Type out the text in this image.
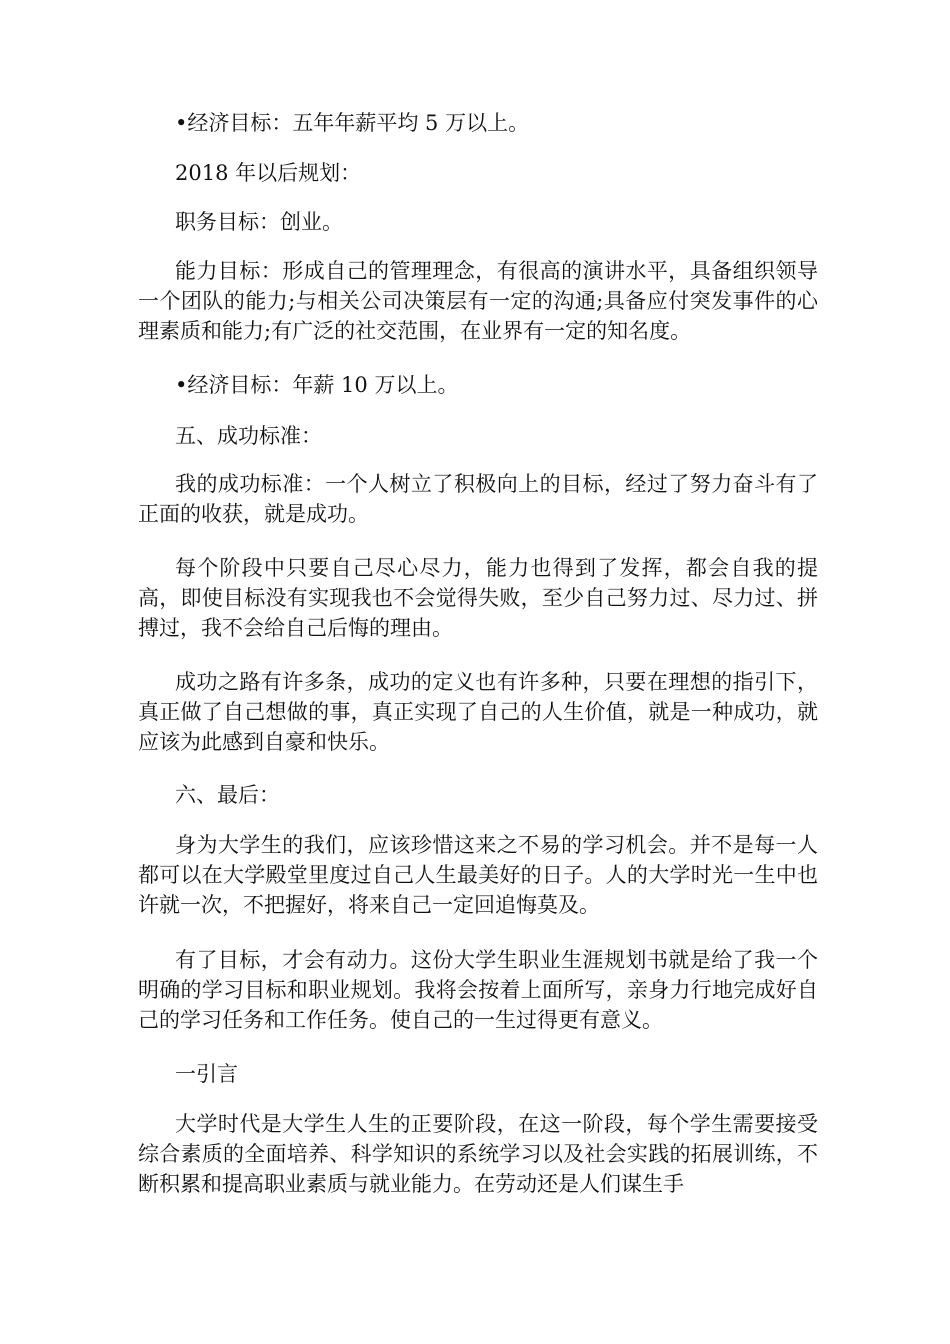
•经济目标：五年年薪平均 5 万以上。

2018 年以后规划：

职务目标：创业。

能力目标：形成自己的管理理念，有很高的演讲水平，具备组织领导一个团队的能力;与相关公司决策层有一定的沟通;具备应付突发事件的心理素质和能力;有广泛的社交范围，在业界有一定的知名度。

•经济目标：年薪 10 万以上。

五、成功标准：

我的成功标准：一个人树立了积极向上的目标，经过了努力奋斗有了正面的收获，就是成功。

每个阶段中只要自己尽心尽力，能力也得到了发挥，都会自我的提高，即使目标没有实现我也不会觉得失败，至少自己努力过、尽力过、拼搏过，我不会给自己后悔的理由。

成功之路有许多条，成功的定义也有许多种，只要在理想的指引下，真正做了自己想做的事，真正实现了自己的人生价值，就是一种成功，就应该为此感到自豪和快乐。

六、最后：

身为大学生的我们，应该珍惜这来之不易的学习机会。并不是每一人都可以在大学殿堂里度过自己人生最美好的日子。人的大学时光一生中也许就一次，不把握好，将来自己一定回追悔莫及。

有了目标，才会有动力。这份大学生职业生涯规划书就是给了我一个明确的学习目标和职业规划。我将会按着上面所写，亲身力行地完成好自己的学习任务和工作任务。使自己的一生过得更有意义。

一引言

大学时代是大学生人生的正要阶段，在这一阶段，每个学生需要接受综合素质的全面培养、科学知识的系统学习以及社会实践的拓展训练，不断积累和提高职业素质与就业能力。在劳动还是人们谋生手
